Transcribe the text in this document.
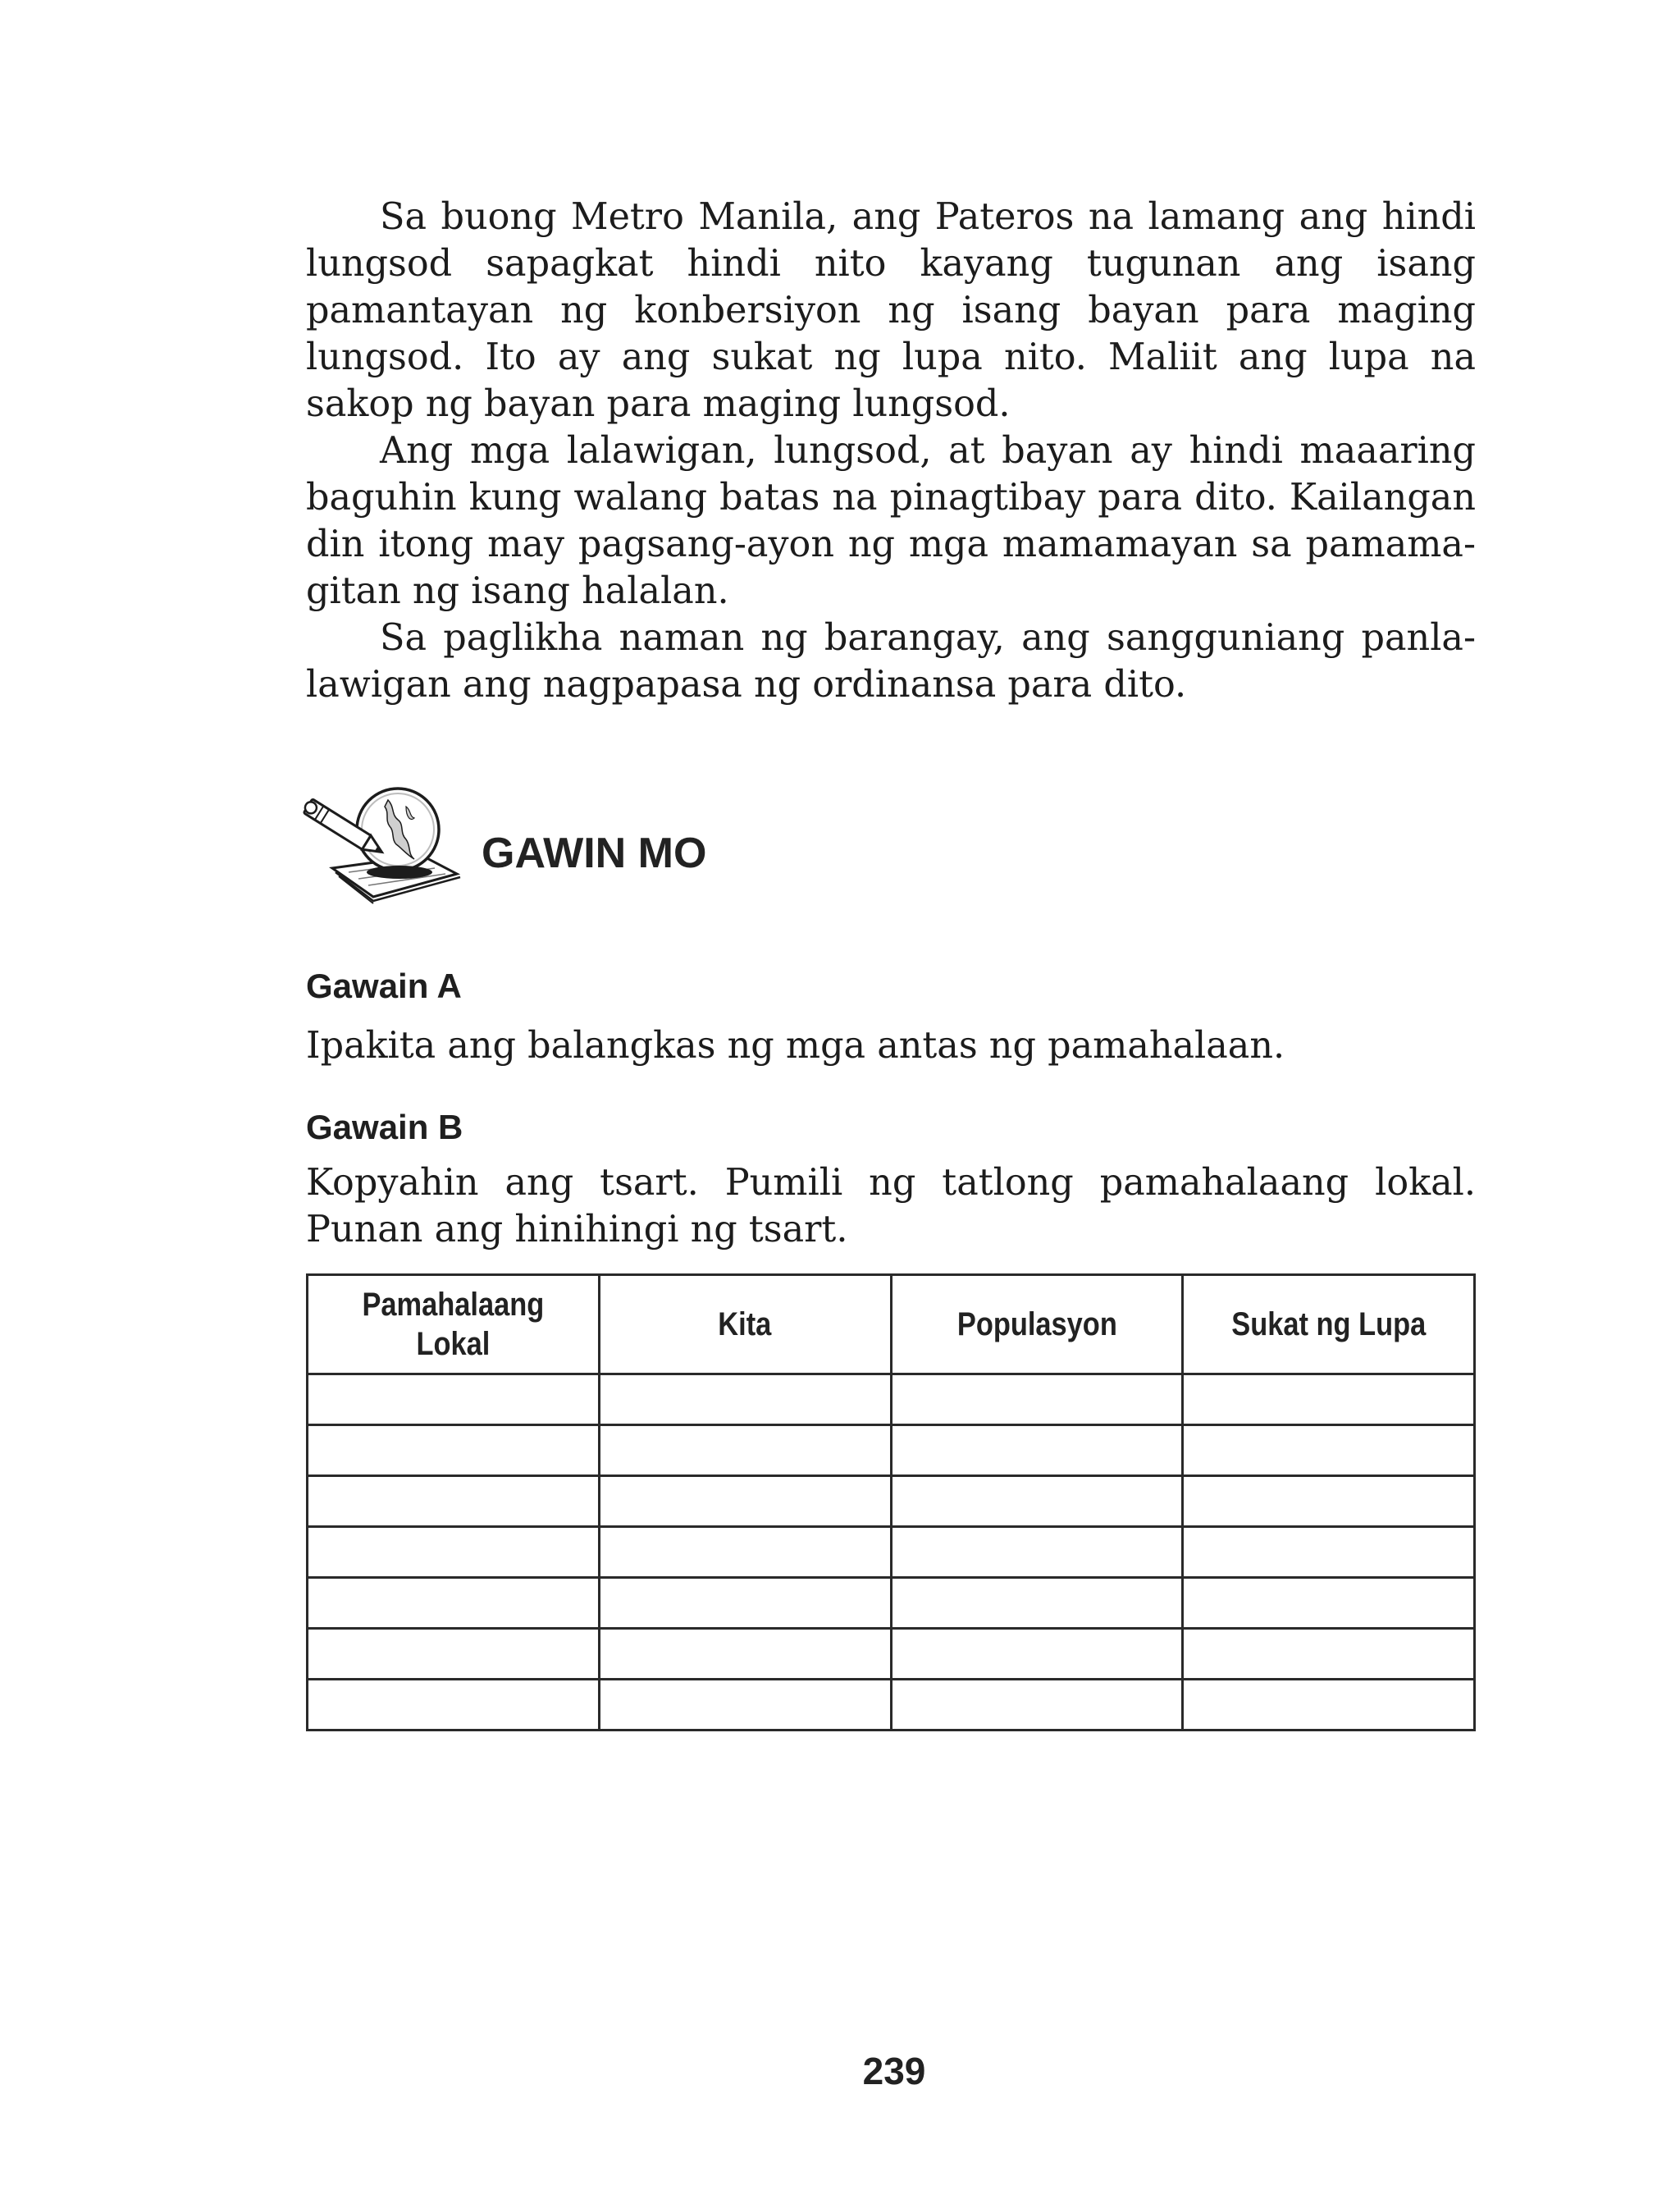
Sa buong Metro Manila, ang Pateros na lamang ang hindi lungsod sapagkat hindi nito kayang tugunan ang isang pamantayan ng konbersiyon ng isang bayan para maging lungsod. Ito ay ang sukat ng lupa nito. Maliit ang lupa na sakop ng bayan para maging lungsod.

Ang mga lalawigan, lungsod, at bayan ay hindi maaaring baguhin kung walang batas na pinagtibay para dito. Kailangan din itong may pagsang-ayon ng mga mamamayan sa pamama-gitan ng isang halalan.

Sa paglikha naman ng barangay, ang sangguniang panla-lawigan ang nagpapasa ng ordinansa para dito.

GAWIN MO
Gawain A

Ipakita ang balangkas ng mga antas ng pamahalaan.

Gawain B

Kopyahin ang tsart. Pumili ng tatlong pamahalaang lokal. Punan ang hinihingi ng tsart.

Pamahalaang Lokal	Kita	Populasyon	Sukat ng Lupa

239
